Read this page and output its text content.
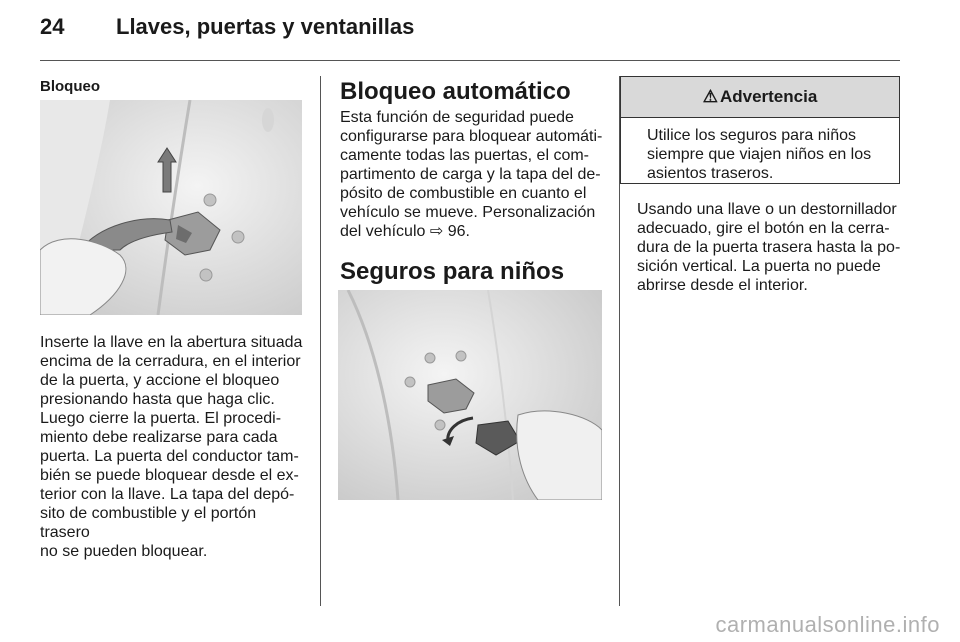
24 Llaves, puertas y ventanillas
Bloqueo
Inserte la llave en la abertura situada
encima de la cerradura, en el interior
de la puerta, y accione el bloqueo
presionando hasta que haga clic.
Luego cierre la puerta. El procedi-
miento debe realizarse para cada
puerta. La puerta del conductor tam-
bién se puede bloquear desde el ex-
terior con la llave. La tapa del depó-
sito de combustible y el portón trasero
no se pueden bloquear.
Bloqueo automático
Esta función de seguridad puede
configurarse para bloquear automáti-
camente todas las puertas, el com-
partimento de carga y la tapa del de-
pósito de combustible en cuanto el
vehículo se mueve. Personalización
del vehículo ⇨ 96.
Seguros para niños
⚠ Advertencia
Utilice los seguros para niños
siempre que viajen niños en los
asientos traseros.
Usando una llave o un destornillador
adecuado, gire el botón en la cerra-
dura de la puerta trasera hasta la po-
sición vertical. La puerta no puede
abrirse desde el interior.
carmanualsonline.info
